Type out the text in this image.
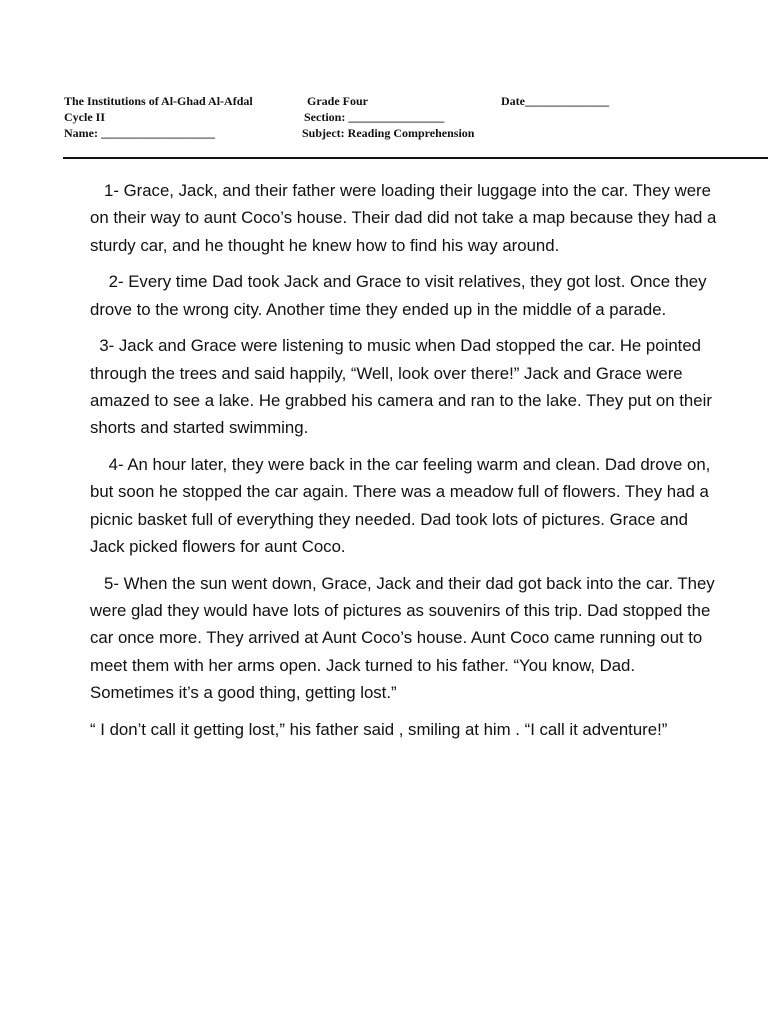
The Institutions of Al-Ghad Al-Afdal
Cycle II
Name: ___________________
Grade Four
Section: ________________
Subject: Reading Comprehension
Date______________

1- Grace, Jack, and their father were loading their luggage into the car. They were on their way to aunt Coco’s house. Their dad did not take a map because they had a sturdy car, and he thought he knew how to find his way around.

2- Every time Dad took Jack and Grace to visit relatives, they got lost. Once they drove to the wrong city. Another time they ended up in the middle of a parade.

3- Jack and Grace were listening to music when Dad stopped the car. He pointed through the trees and said happily, “Well, look over there!” Jack and Grace were amazed to see a lake. He grabbed his camera and ran to the lake. They put on their shorts and started swimming.

4- An hour later, they were back in the car feeling warm and clean. Dad drove on, but soon he stopped the car again. There was a meadow full of flowers. They had a picnic basket full of everything they needed. Dad took lots of pictures. Grace and Jack picked flowers for aunt Coco.

5- When the sun went down, Grace, Jack and their dad got back into the car. They were glad they would have lots of pictures as souvenirs of this trip. Dad stopped the car once more. They arrived at Aunt Coco’s house. Aunt Coco came running out to meet them with her arms open. Jack turned to his father. “You know, Dad. Sometimes it’s a good thing, getting lost.”

“ I don’t call it getting lost,” his father said , smiling at him . “I call it adventure!”
